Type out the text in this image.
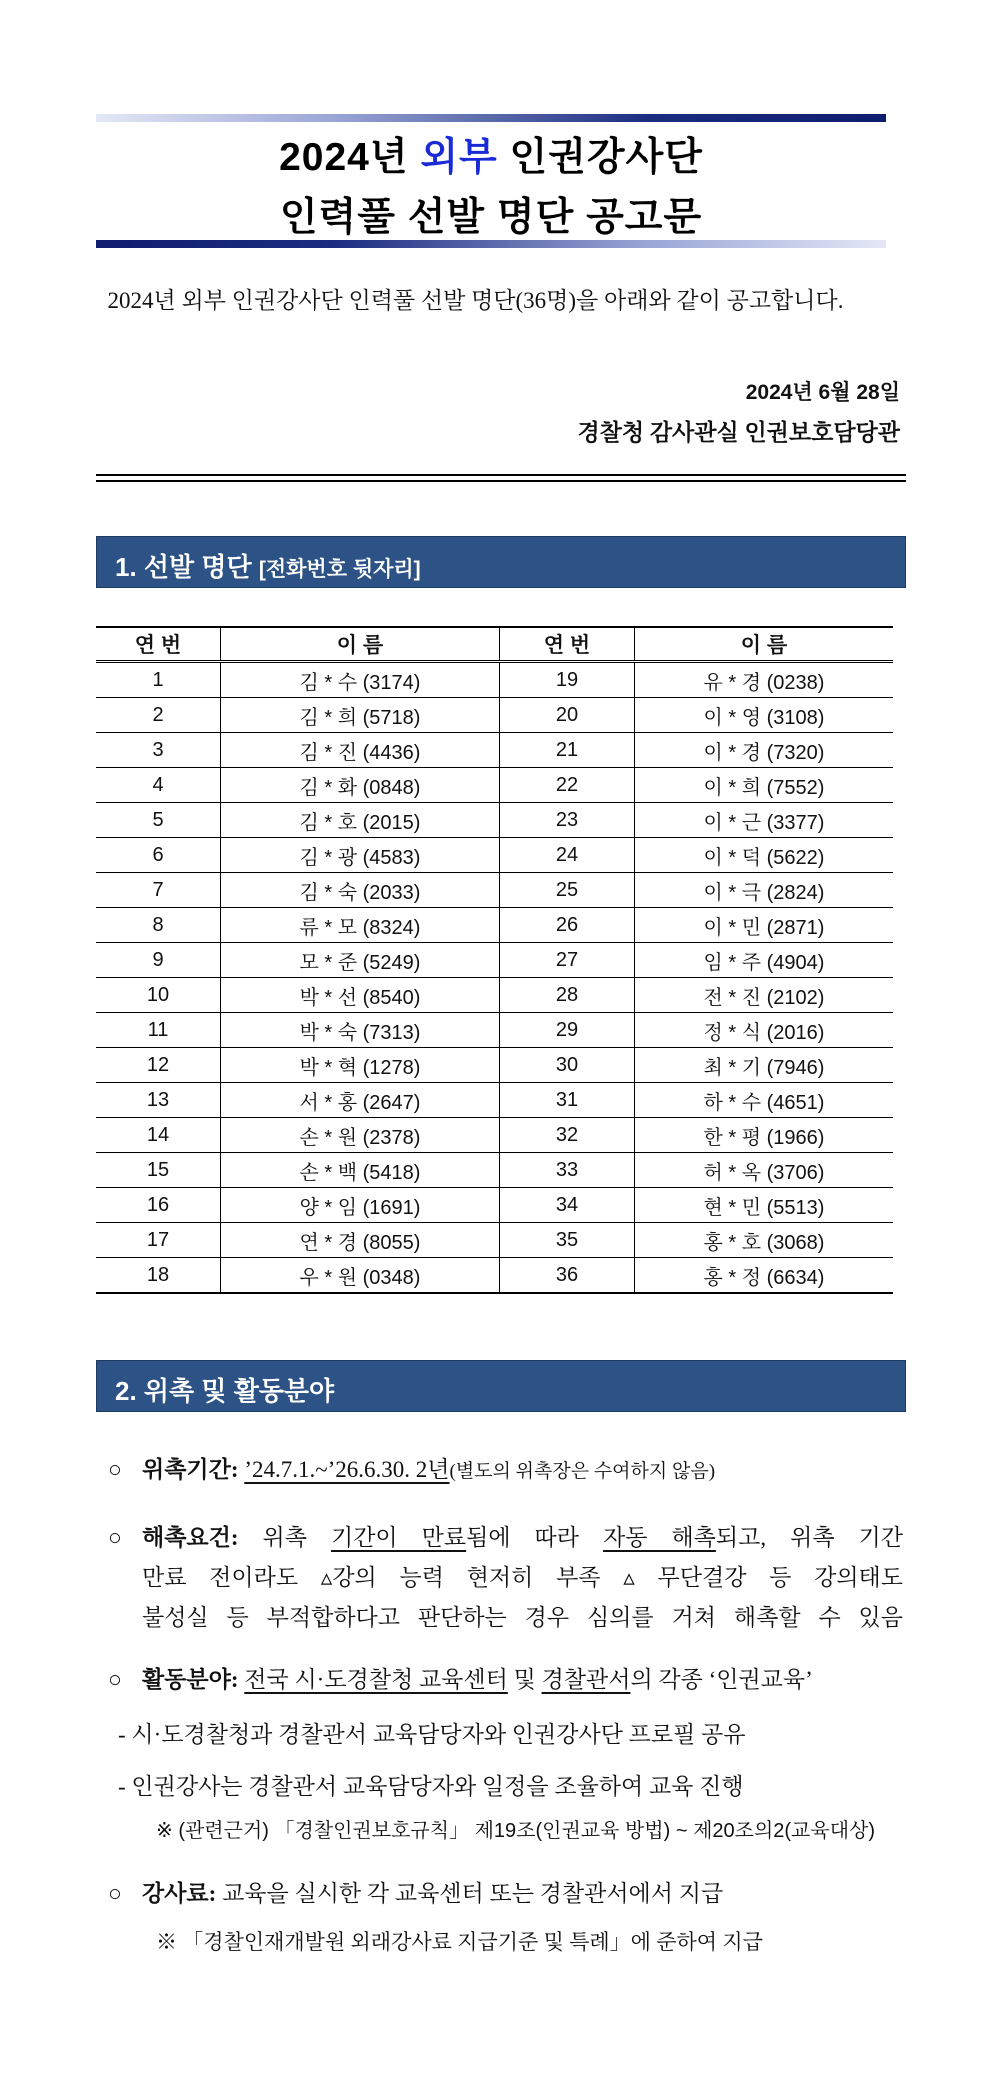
2024년 외부 인권강사단
인력풀 선발 명단 공고문
2024년 외부 인권강사단 인력풀 선발 명단(36명)을 아래와 같이 공고합니다.
2024년 6월 28일
경찰청 감사관실 인권보호담당관
1. 선발 명단 [전화번호 뒷자리]
연 번	이 름	연 번	이 름
1	김 * 수 (3174)	19	유 * 경 (0238)
2	김 * 희 (5718)	20	이 * 영 (3108)
3	김 * 진 (4436)	21	이 * 경 (7320)
4	김 * 화 (0848)	22	이 * 희 (7552)
5	김 * 호 (2015)	23	이 * 근 (3377)
6	김 * 광 (4583)	24	이 * 덕 (5622)
7	김 * 숙 (2033)	25	이 * 극 (2824)
8	류 * 모 (8324)	26	이 * 민 (2871)
9	모 * 준 (5249)	27	임 * 주 (4904)
10	박 * 선 (8540)	28	전 * 진 (2102)
11	박 * 숙 (7313)	29	정 * 식 (2016)
12	박 * 혁 (1278)	30	최 * 기 (7946)
13	서 * 홍 (2647)	31	하 * 수 (4651)
14	손 * 원 (2378)	32	한 * 평 (1966)
15	손 * 백 (5418)	33	허 * 옥 (3706)
16	양 * 임 (1691)	34	현 * 민 (5513)
17	연 * 경 (8055)	35	홍 * 호 (3068)
18	우 * 원 (0348)	36	홍 * 정 (6634)
2. 위촉 및 활동분야
○ 위촉기간: ’24.7.1.~’26.6.30. 2년(별도의 위촉장은 수여하지 않음)
○ 해촉요건: 위촉 기간이 만료됨에 따라 자동 해촉되고, 위촉 기간
만료 전이라도 ▵강의 능력 현저히 부족 ▵ 무단결강 등 강의태도
불성실 등 부적합하다고 판단하는 경우 심의를 거쳐 해촉할 수 있음
○ 활동분야: 전국 시·도경찰청 교육센터 및 경찰관서의 각종 ‘인권교육’
- 시·도경찰청과 경찰관서 교육담당자와 인권강사단 프로필 공유
- 인권강사는 경찰관서 교육담당자와 일정을 조율하여 교육 진행
※ (관련근거) 「경찰인권보호규칙」 제19조(인권교육 방법) ~ 제20조의2(교육대상)
○ 강사료: 교육을 실시한 각 교육센터 또는 경찰관서에서 지급
※ 「경찰인재개발원 외래강사료 지급기준 및 특례」에 준하여 지급
